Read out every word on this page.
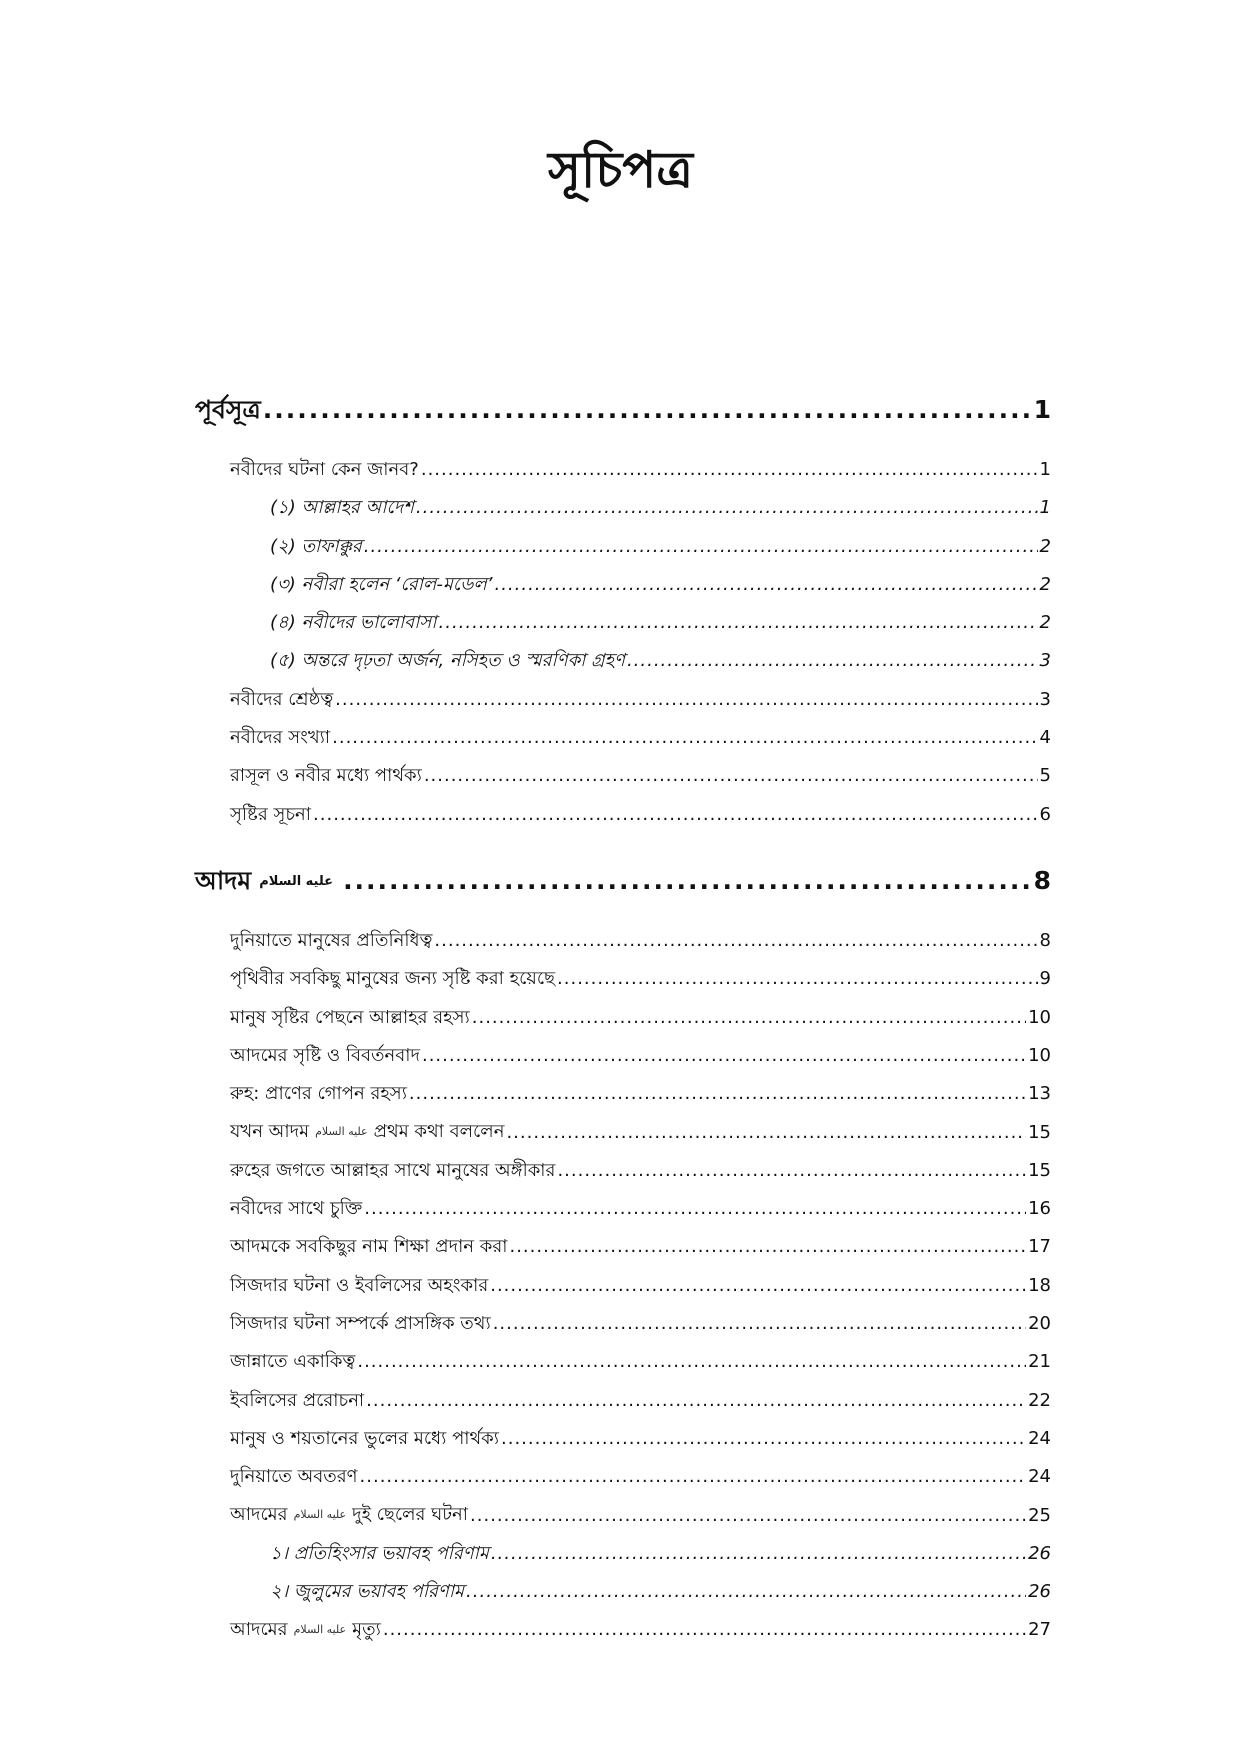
সূচিপত্র
পূর্বসূত্র .....	1
নবীদের ঘটনা কেন জানব? .....	1
(১) আল্লাহর আদেশ .....	1
(২) তাফাক্কুর .....	2
(৩) নবীরা হলেন ‘রোল-মডেল’ .....	2
(৪) নবীদের ভালোবাসা .....	2
(৫) অন্তরে দৃঢ়তা অর্জন, নসিহত ও স্মরণিকা গ্রহণ .....	3
নবীদের শ্রেষ্ঠত্ব .....	3
নবীদের সংখ্যা .....	4
রাসূল ও নবীর মধ্যে পার্থক্য .....	5
সৃষ্টির সূচনা .....	6
আদম عليه السلام .....	8
দুনিয়াতে মানুষের প্রতিনিধিত্ব .....	8
পৃথিবীর সবকিছু মানুষের জন্য সৃষ্টি করা হয়েছে .....	9
মানুষ সৃষ্টির পেছনে আল্লাহর রহস্য .....	10
আদমের সৃষ্টি ও বিবর্তনবাদ .....	10
রুহ: প্রাণের গোপন রহস্য .....	13
যখন আদম عليه السلام প্রথম কথা বললেন .....	15
রুহের জগতে আল্লাহর সাথে মানুষের অঙ্গীকার .....	15
নবীদের সাথে চুক্তি .....	16
আদমকে সবকিছুর নাম শিক্ষা প্রদান করা .....	17
সিজদার ঘটনা ও ইবলিসের অহংকার .....	18
সিজদার ঘটনা সম্পর্কে প্রাসঙ্গিক তথ্য .....	20
জান্নাতে একাকিত্ব .....	21
ইবলিসের প্ররোচনা .....	22
মানুষ ও শয়তানের ভুলের মধ্যে পার্থক্য .....	24
দুনিয়াতে অবতরণ .....	24
আদমের عليه السلام দুই ছেলের ঘটনা .....	25
১। প্রতিহিংসার ভয়াবহ পরিণাম .....	26
২। জুলুমের ভয়াবহ পরিণাম .....	26
আদমের عليه السلام মৃত্যু .....	27
